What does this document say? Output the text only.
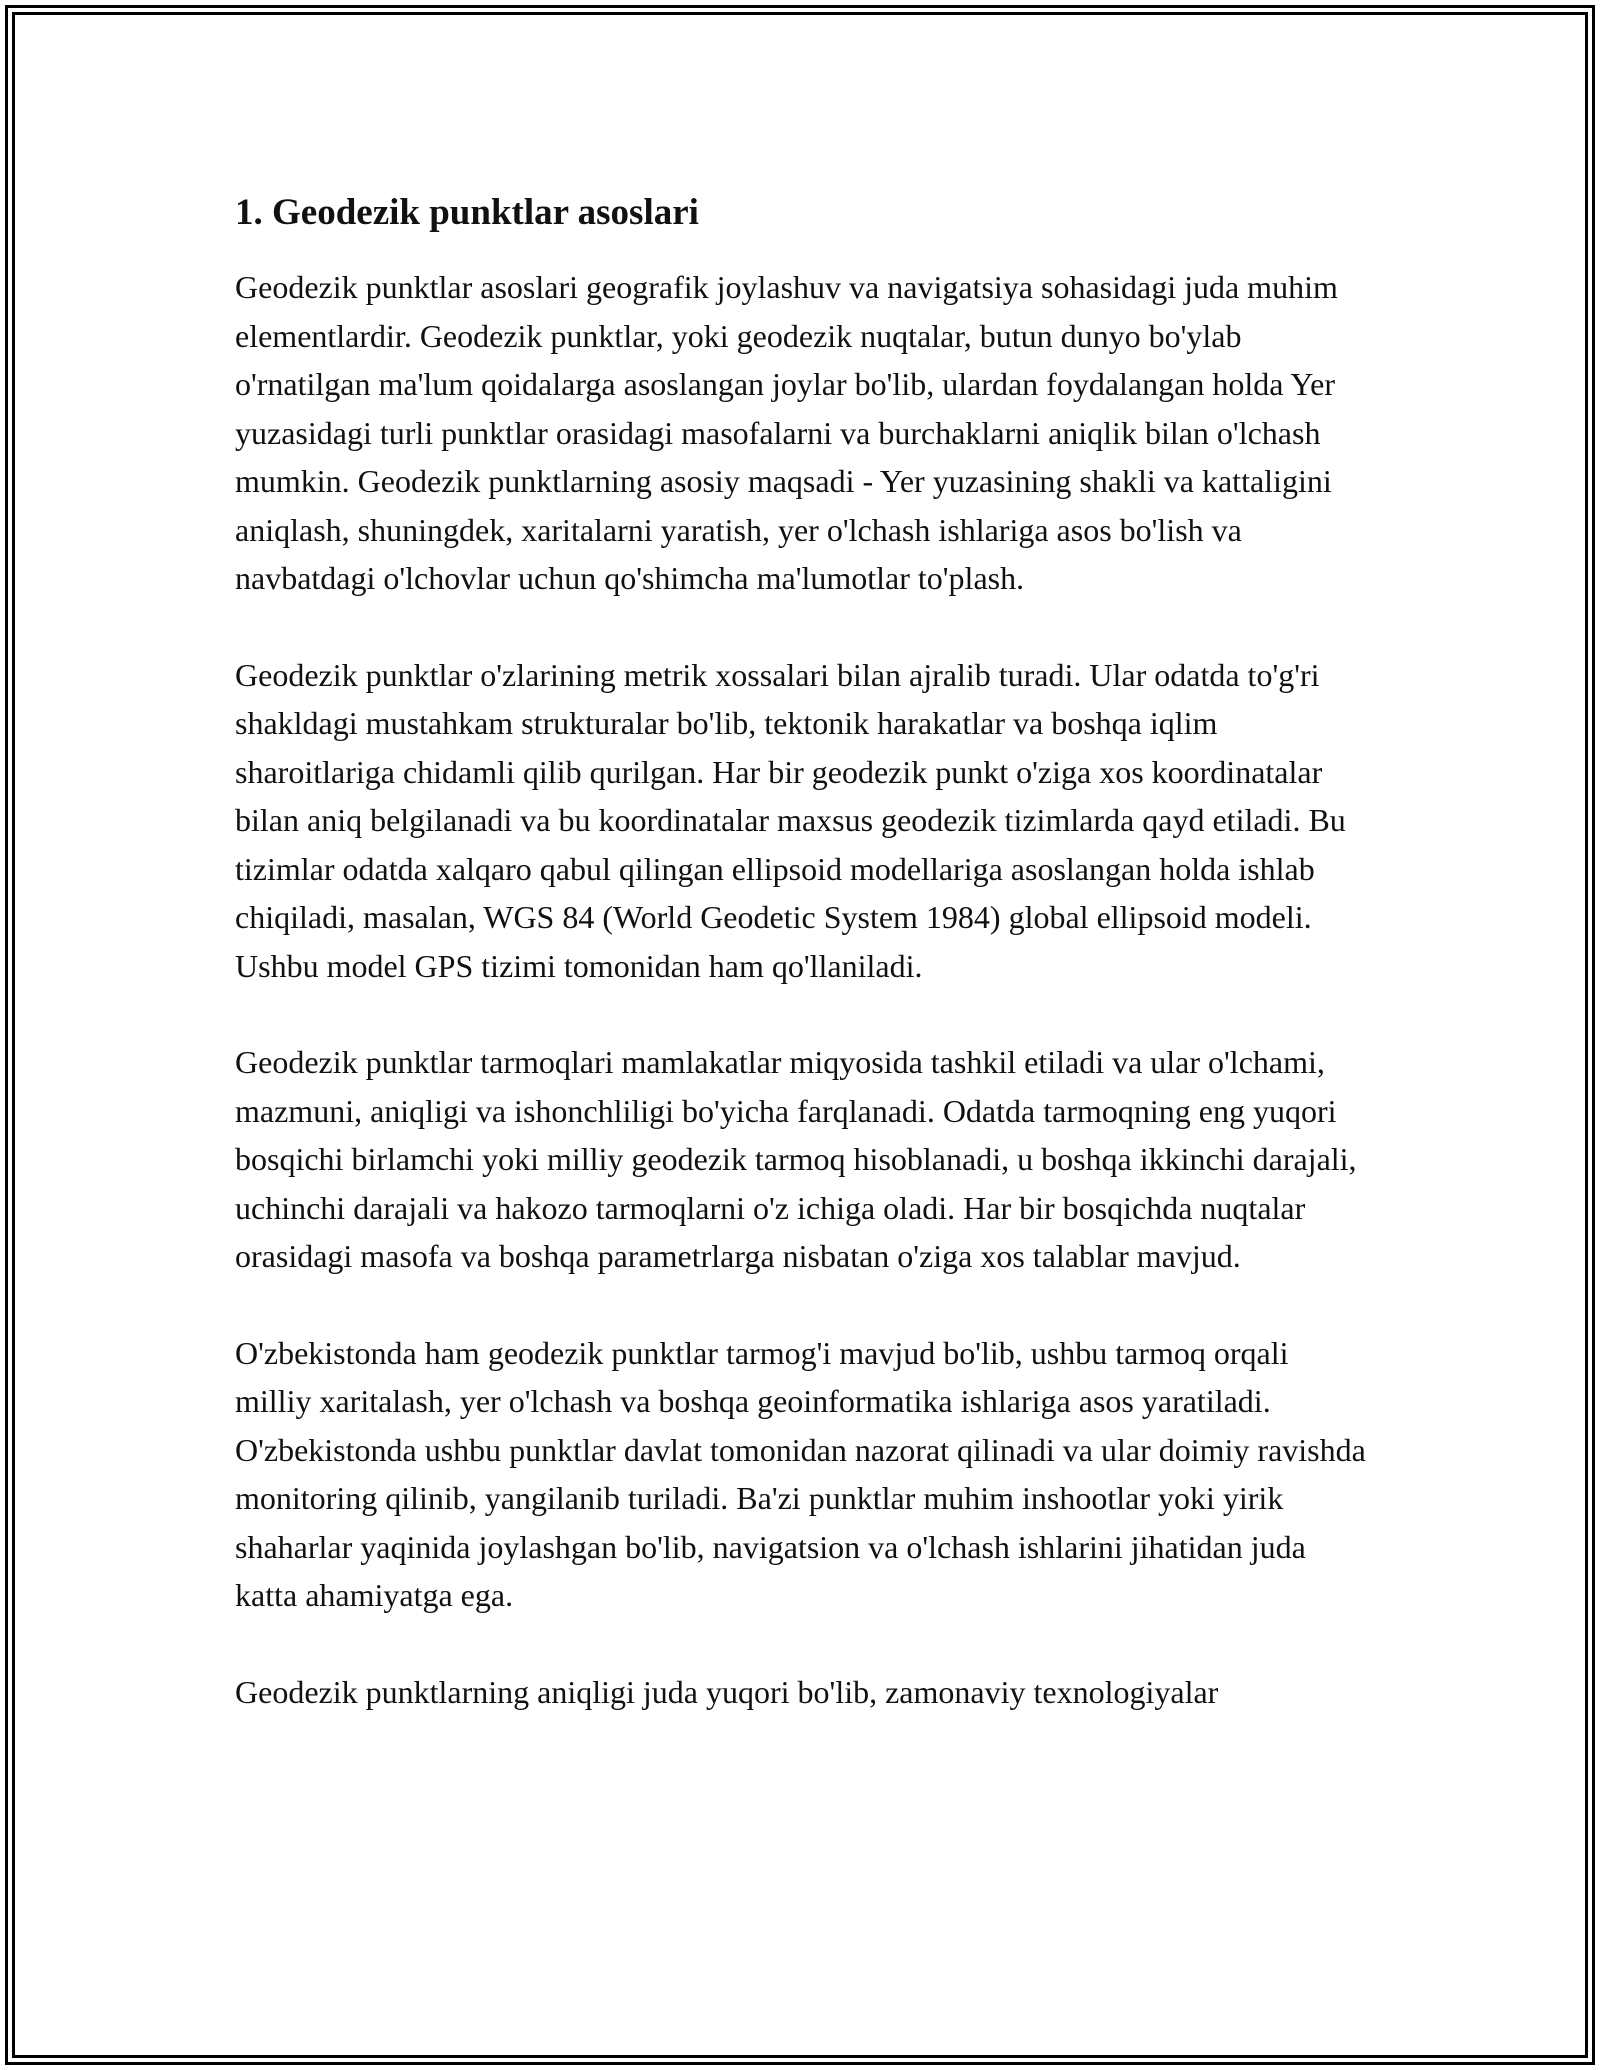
1. Geodezik punktlar asoslari

Geodezik punktlar asoslari geografik joylashuv va navigatsiya sohasidagi juda muhim elementlardir. Geodezik punktlar, yoki geodezik nuqtalar, butun dunyo bo'ylab o'rnatilgan ma'lum qoidalarga asoslangan joylar bo'lib, ulardan foydalangan holda Yer yuzasidagi turli punktlar orasidagi masofalarni va burchaklarni aniqlik bilan o'lchash mumkin. Geodezik punktlarning asosiy maqsadi - Yer yuzasining shakli va kattaligini aniqlash, shuningdek, xaritalarni yaratish, yer o'lchash ishlariga asos bo'lish va navbatdagi o'lchovlar uchun qo'shimcha ma'lumotlar to'plash.

Geodezik punktlar o'zlarining metrik xossalari bilan ajralib turadi. Ular odatda to'g'ri shakldagi mustahkam strukturalar bo'lib, tektonik harakatlar va boshqa iqlim sharoitlariga chidamli qilib qurilgan. Har bir geodezik punkt o'ziga xos koordinatalar bilan aniq belgilanadi va bu koordinatalar maxsus geodezik tizimlarda qayd etiladi. Bu tizimlar odatda xalqaro qabul qilingan ellipsoid modellariga asoslangan holda ishlab chiqiladi, masalan, WGS 84 (World Geodetic System 1984) global ellipsoid modeli. Ushbu model GPS tizimi tomonidan ham qo'llaniladi.

Geodezik punktlar tarmoqlari mamlakatlar miqyosida tashkil etiladi va ular o'lchami, mazmuni, aniqligi va ishonchliligi bo'yicha farqlanadi. Odatda tarmoqning eng yuqori bosqichi birlamchi yoki milliy geodezik tarmoq hisoblanadi, u boshqa ikkinchi darajali, uchinchi darajali va hakozo tarmoqlarni o'z ichiga oladi. Har bir bosqichda nuqtalar orasidagi masofa va boshqa parametrlarga nisbatan o'ziga xos talablar mavjud.

O'zbekistonda ham geodezik punktlar tarmog'i mavjud bo'lib, ushbu tarmoq orqali milliy xaritalash, yer o'lchash va boshqa geoinformatika ishlariga asos yaratiladi. O'zbekistonda ushbu punktlar davlat tomonidan nazorat qilinadi va ular doimiy ravishda monitoring qilinib, yangilanib turiladi. Ba'zi punktlar muhim inshootlar yoki yirik shaharlar yaqinida joylashgan bo'lib, navigatsion va o'lchash ishlarini jihatidan juda katta ahamiyatga ega.

Geodezik punktlarning aniqligi juda yuqori bo'lib, zamonaviy texnologiyalar
